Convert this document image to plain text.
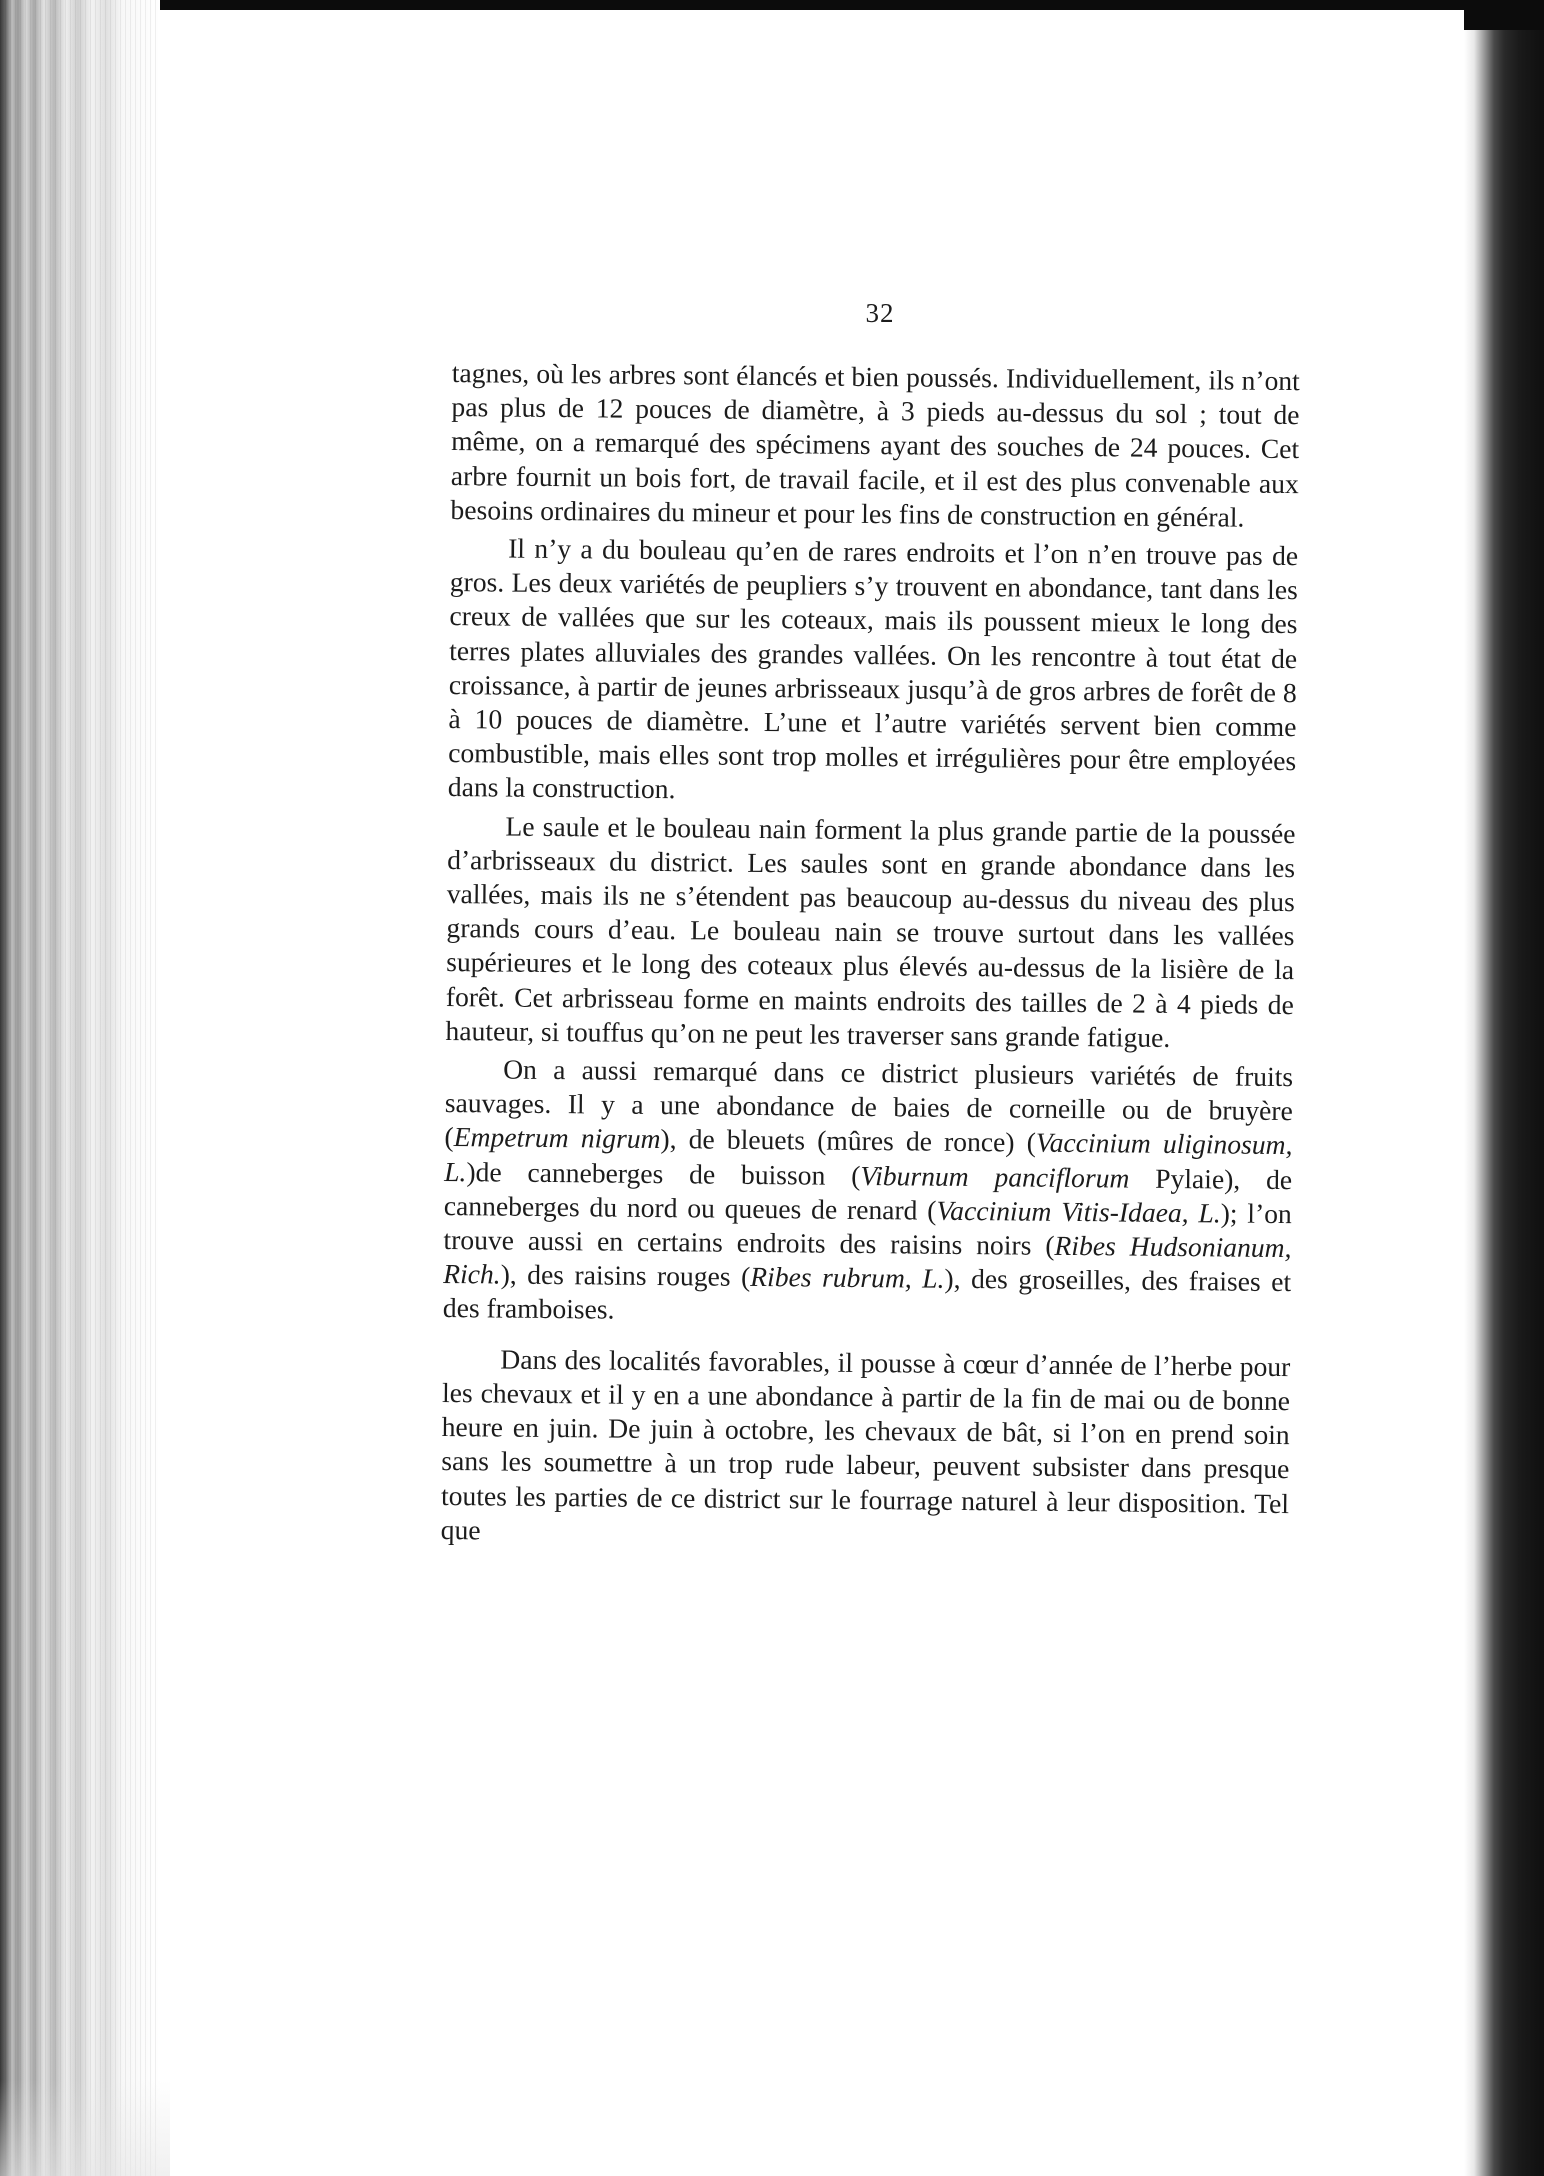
32

tagnes, où les arbres sont élancés et bien poussés. Individuellement, ils n’ont pas plus de 12 pouces de diamètre, à 3 pieds au-dessus du sol ; tout de même, on a remarqué des spécimens ayant des souches de 24 pouces. Cet arbre fournit un bois fort, de travail facile, et il est des plus convenable aux besoins ordinaires du mineur et pour les fins de construction en général.

Il n’y a du bouleau qu’en de rares endroits et l’on n’en trouve pas de gros. Les deux variétés de peupliers s’y trouvent en abondance, tant dans les creux de vallées que sur les coteaux, mais ils poussent mieux le long des terres plates alluviales des grandes vallées. On les rencontre à tout état de croissance, à partir de jeunes arbrisseaux jusqu’à de gros arbres de forêt de 8 à 10 pouces de diamètre. L’une et l’autre variétés servent bien comme combustible, mais elles sont trop molles et irrégulières pour être employées dans la construction.

Le saule et le bouleau nain forment la plus grande partie de la poussée d’arbrisseaux du district. Les saules sont en grande abondance dans les vallées, mais ils ne s’étendent pas beaucoup au-dessus du niveau des plus grands cours d’eau. Le bouleau nain se trouve surtout dans les vallées supérieures et le long des coteaux plus élevés au-dessus de la lisière de la forêt. Cet arbrisseau forme en maints endroits des tailles de 2 à 4 pieds de hauteur, si touffus qu’on ne peut les traverser sans grande fatigue.

On a aussi remarqué dans ce district plusieurs variétés de fruits sauvages. Il y a une abondance de baies de corneille ou de bruyère (Empetrum nigrum), de bleuets (mûres de ronce) (Vaccinium uliginosum, L.)de canneberges de buisson (Viburnum panciflorum Pylaie), de canneberges du nord ou queues de renard (Vaccinium Vitis-Idaea, L.); l’on trouve aussi en certains endroits des raisins noirs (Ribes Hudsonianum, Rich.), des raisins rouges (Ribes rubrum, L.), des groseilles, des fraises et des framboises.

Dans des localités favorables, il pousse à cœur d’année de l’herbe pour les chevaux et il y en a une abondance à partir de la fin de mai ou de bonne heure en juin. De juin à octobre, les chevaux de bât, si l’on en prend soin sans les soumettre à un trop rude labeur, peuvent subsister dans presque toutes les parties de ce district sur le fourrage naturel à leur disposition. Tel que
